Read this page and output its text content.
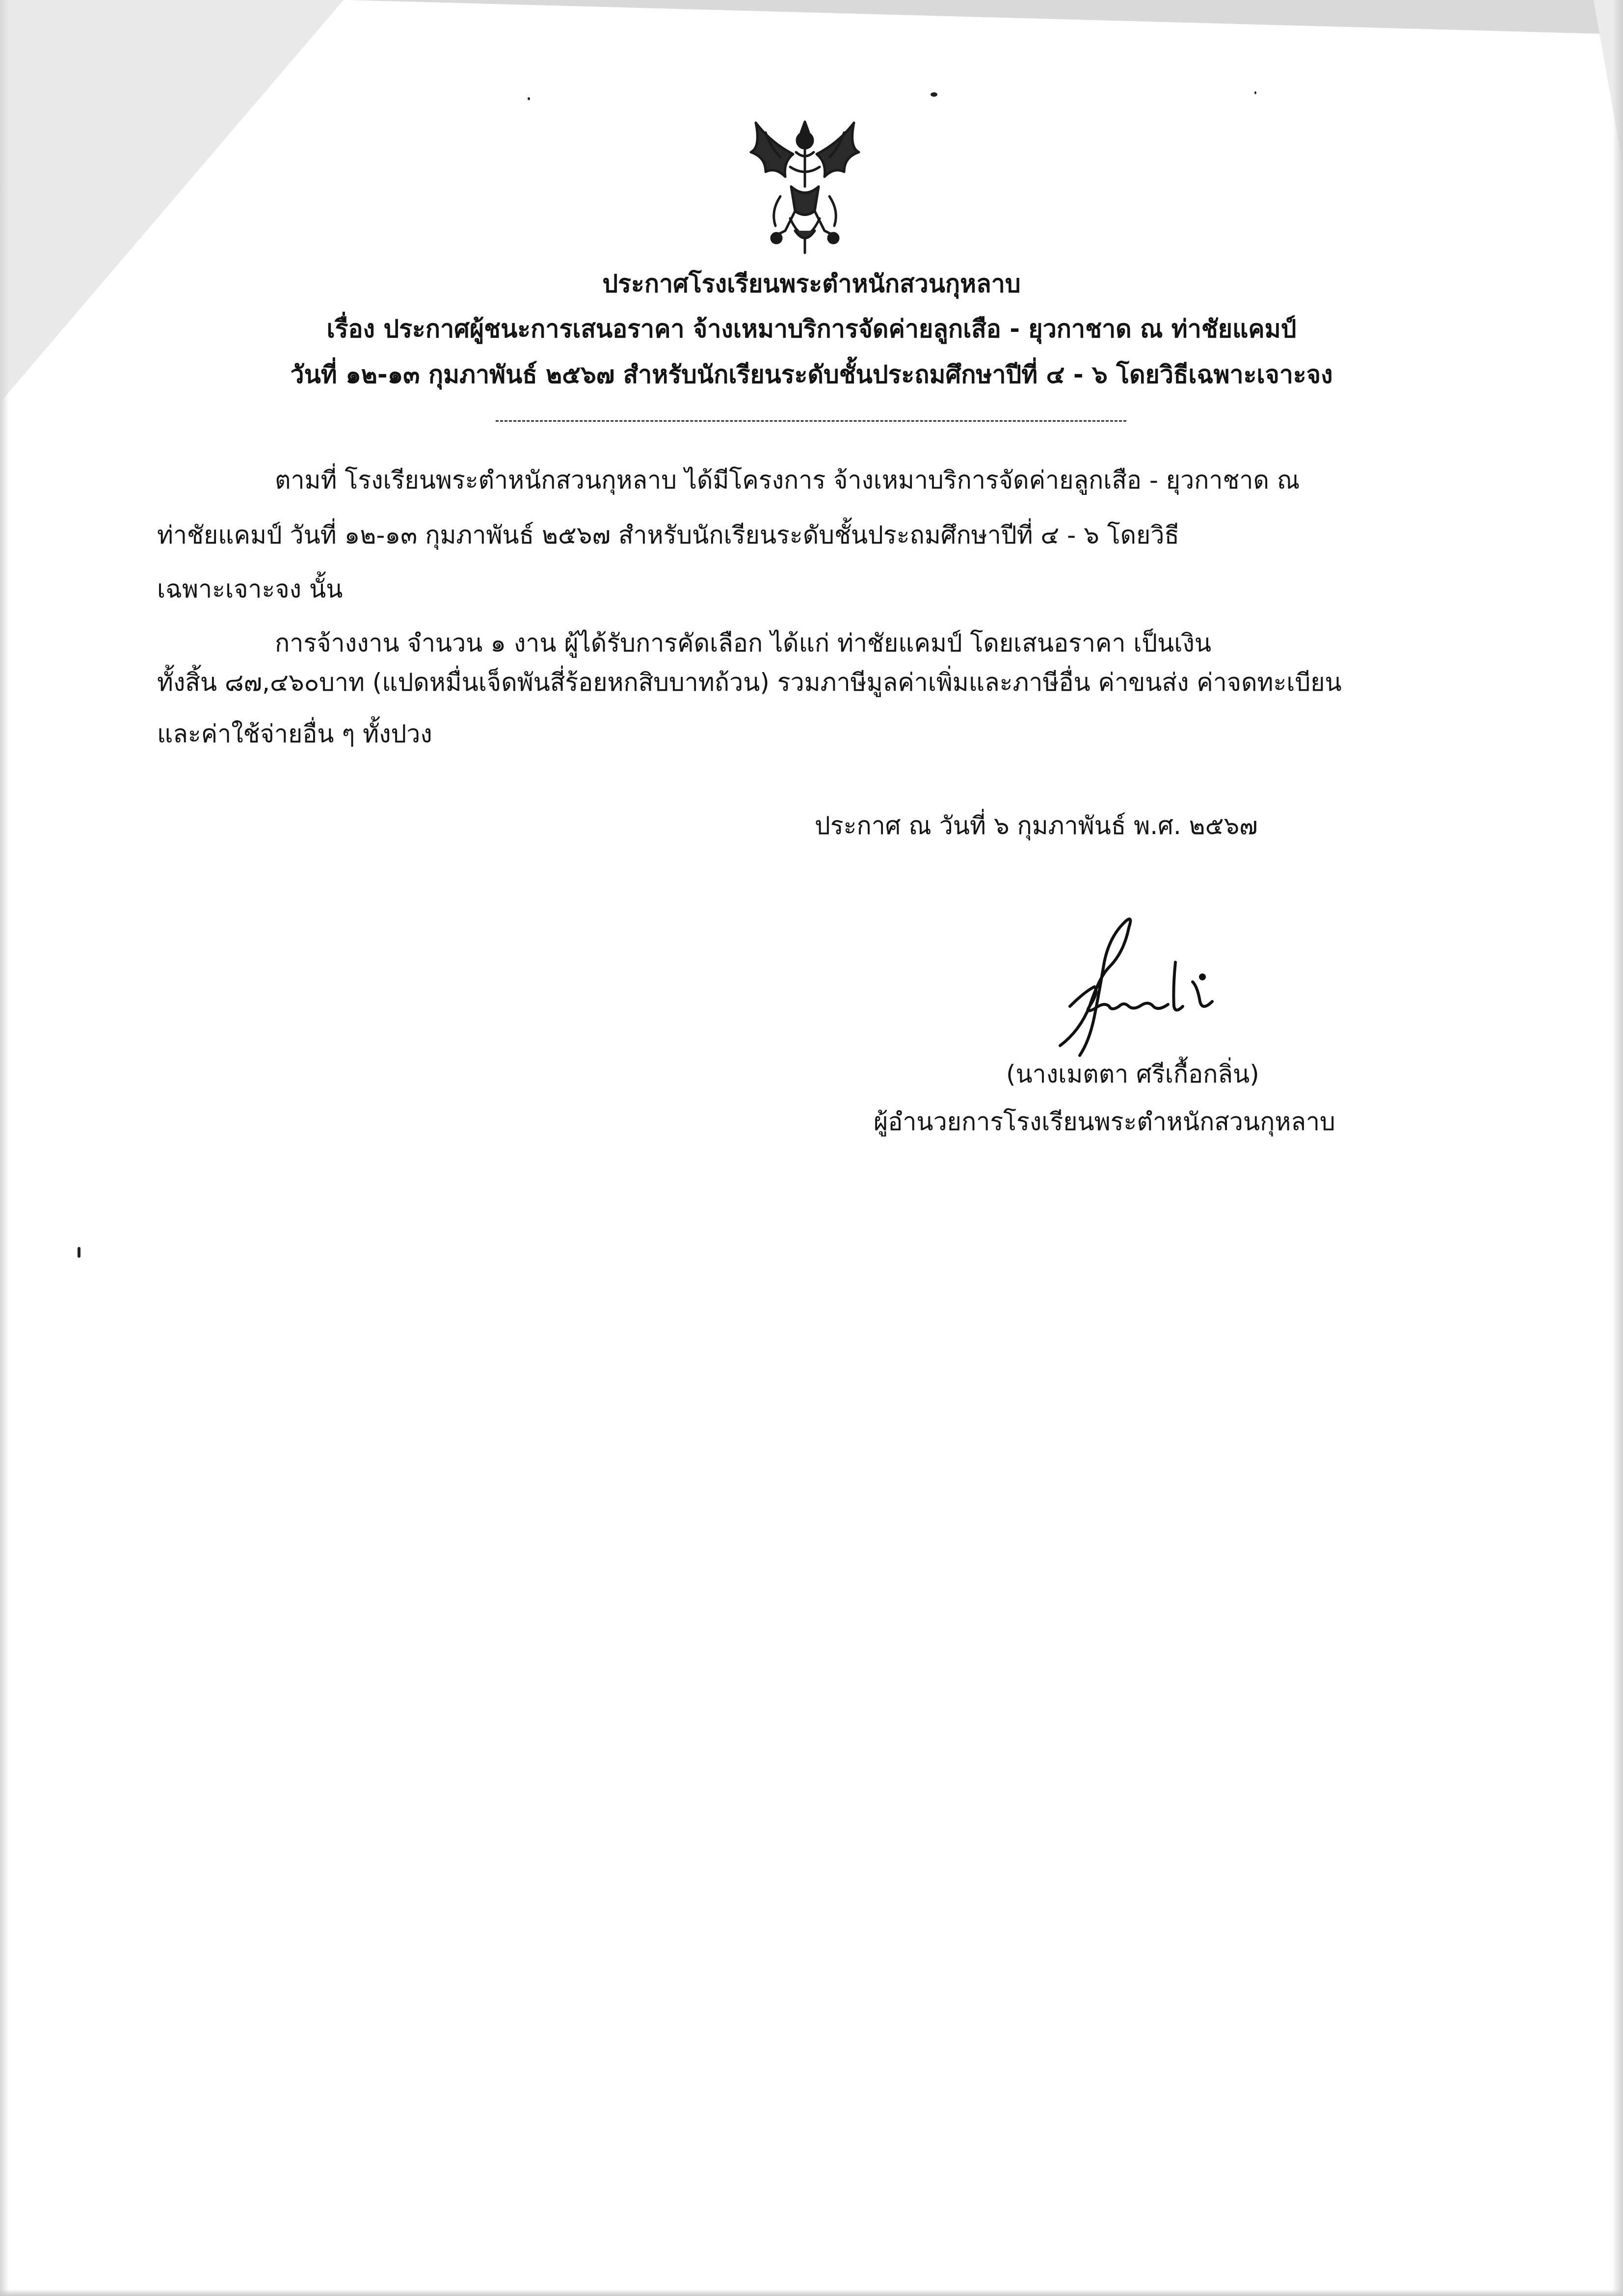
ประกาศโรงเรียนพระตำหนักสวนกุหลาบ
เรื่อง ประกาศผู้ชนะการเสนอราคา จ้างเหมาบริการจัดค่ายลูกเสือ - ยุวกาชาด ณ ท่าชัยแคมป์
วันที่ ๑๒-๑๓ กุมภาพันธ์ ๒๕๖๗ สำหรับนักเรียนระดับชั้นประถมศึกษาปีที่ ๔ - ๖ โดยวิธีเฉพาะเจาะจง
ตามที่ โรงเรียนพระตำหนักสวนกุหลาบ ได้มีโครงการ จ้างเหมาบริการจัดค่ายลูกเสือ - ยุวกาชาด ณ
ท่าชัยแคมป์ วันที่ ๑๒-๑๓ กุมภาพันธ์ ๒๕๖๗ สำหรับนักเรียนระดับชั้นประถมศึกษาปีที่ ๔ - ๖ โดยวิธี
เฉพาะเจาะจง นั้น
การจ้างงาน จำนวน ๑ งาน ผู้ได้รับการคัดเลือก ได้แก่ ท่าชัยแคมป์ โดยเสนอราคา เป็นเงิน
ทั้งสิ้น ๘๗,๔๖๐บาท (แปดหมื่นเจ็ดพันสี่ร้อยหกสิบบาทถ้วน) รวมภาษีมูลค่าเพิ่มและภาษีอื่น ค่าขนส่ง ค่าจดทะเบียน
และค่าใช้จ่ายอื่น ๆ ทั้งปวง
ประกาศ ณ วันที่ ๖ กุมภาพันธ์ พ.ศ. ๒๕๖๗
(นางเมตตา ศรีเกื้อกลิ่น)
ผู้อำนวยการโรงเรียนพระตำหนักสวนกุหลาบ
